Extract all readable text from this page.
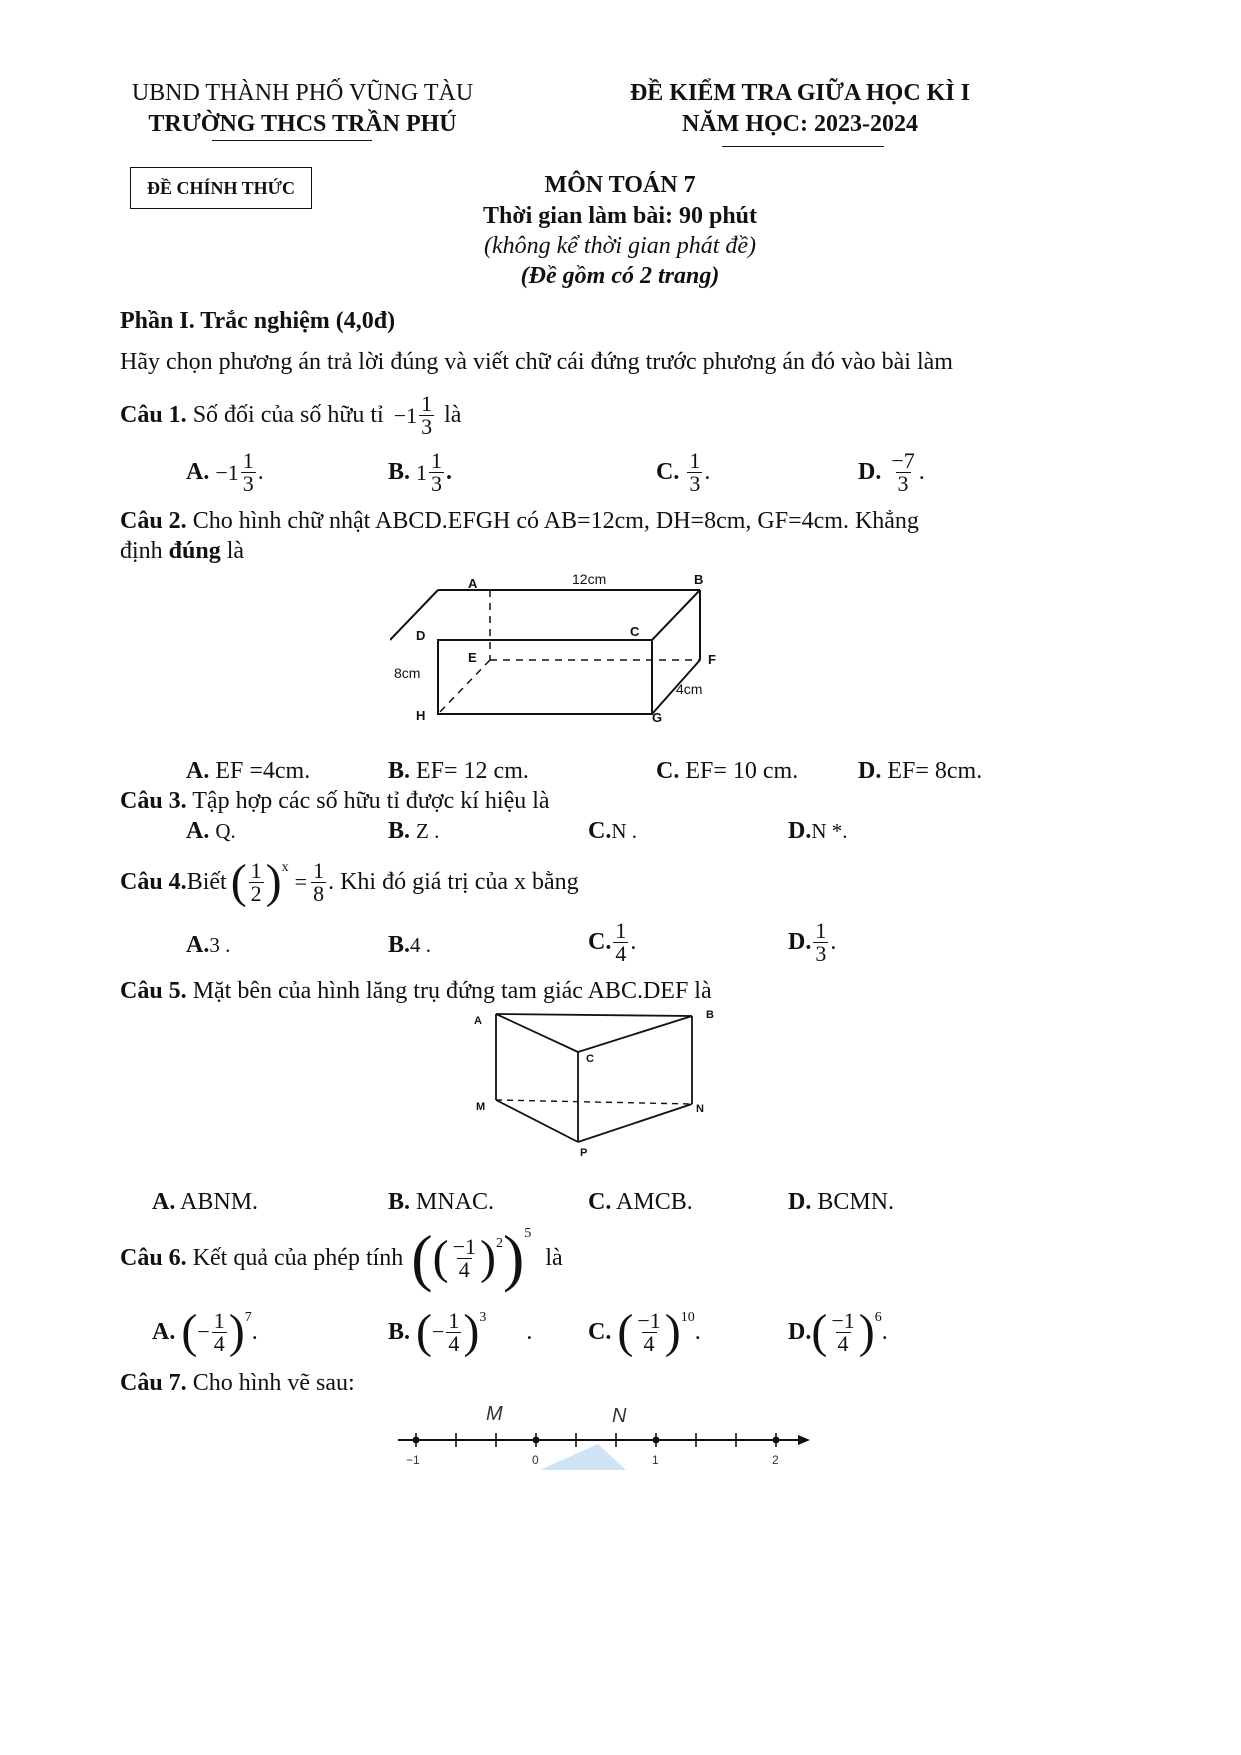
UBND THÀNH PHỐ VŨNG TÀU
TRƯỜNG THCS TRẦN PHÚ
ĐỀ KIỂM TRA GIỮA HỌC KÌ I
NĂM HỌC: 2023-2024
ĐỀ CHÍNH THỨC	MÔN TOÁN 7
Thời gian làm bài: 90 phút
(không kể thời gian phát đề)
(Đề gồm có 2 trang)
Phần I. Trắc nghiệm (4,0đ)
Hãy chọn phương án trả lời đúng và viết chữ cái đứng trước phương án đó vào bài làm
Câu 1. Số đối của số hữu tỉ $-1 \frac{1}{3}$ là
A. $-1 \frac{1}{3}$ .	B. $1 \frac{1}{3}$ .	C. $\frac{1}{3}$ .	D. $\frac{-7}{3}$ .
Câu 2. Cho hình chữ nhật ABCD.EFGH có AB=12cm, DH=8cm, GF=4cm. Khẳng
định đúng là
A	B
C
D
E	F
G
H
12cm
8cm
4cm
A. EF =4cm.	B. EF= 12 cm.	C. EF= 10 cm. D. EF= 8cm.
Câu 3. Tập hợp các số hữu tỉ được kí hiệu là
A. Q.	B. Z .	C.N .	D.N *.
Câu 4. Biết ( $\frac{1}{2}$ ) x
= $\frac{1}{8}$ . Khi đó giá trị của x bằng
A.3 .	B.4 .	C. $\frac{1}{4}$ .	D. $\frac{1}{3}$ .
Câu 5. Mặt bên của hình lăng trụ đứng tam giác ABC.DEF là
A	B
C
M	N
P
A. ABNM.	B. MNAC.	C. AMCB.	D. BCMN.
Câu 6. Kết quả của phép tính ( ( $\frac{-1}{4}$ ) 2 ) 5
là
A. ( − $\frac{1}{4}$ ) 7
.	B. ( − $\frac{1}{4}$ ) 3
. C. ( $\frac{-1}{4}$ ) 10
.	D. ( $\frac{-1}{4}$ ) 6
.
Câu 7. Cho hình vẽ sau:
M	N
−1	0	1	2
